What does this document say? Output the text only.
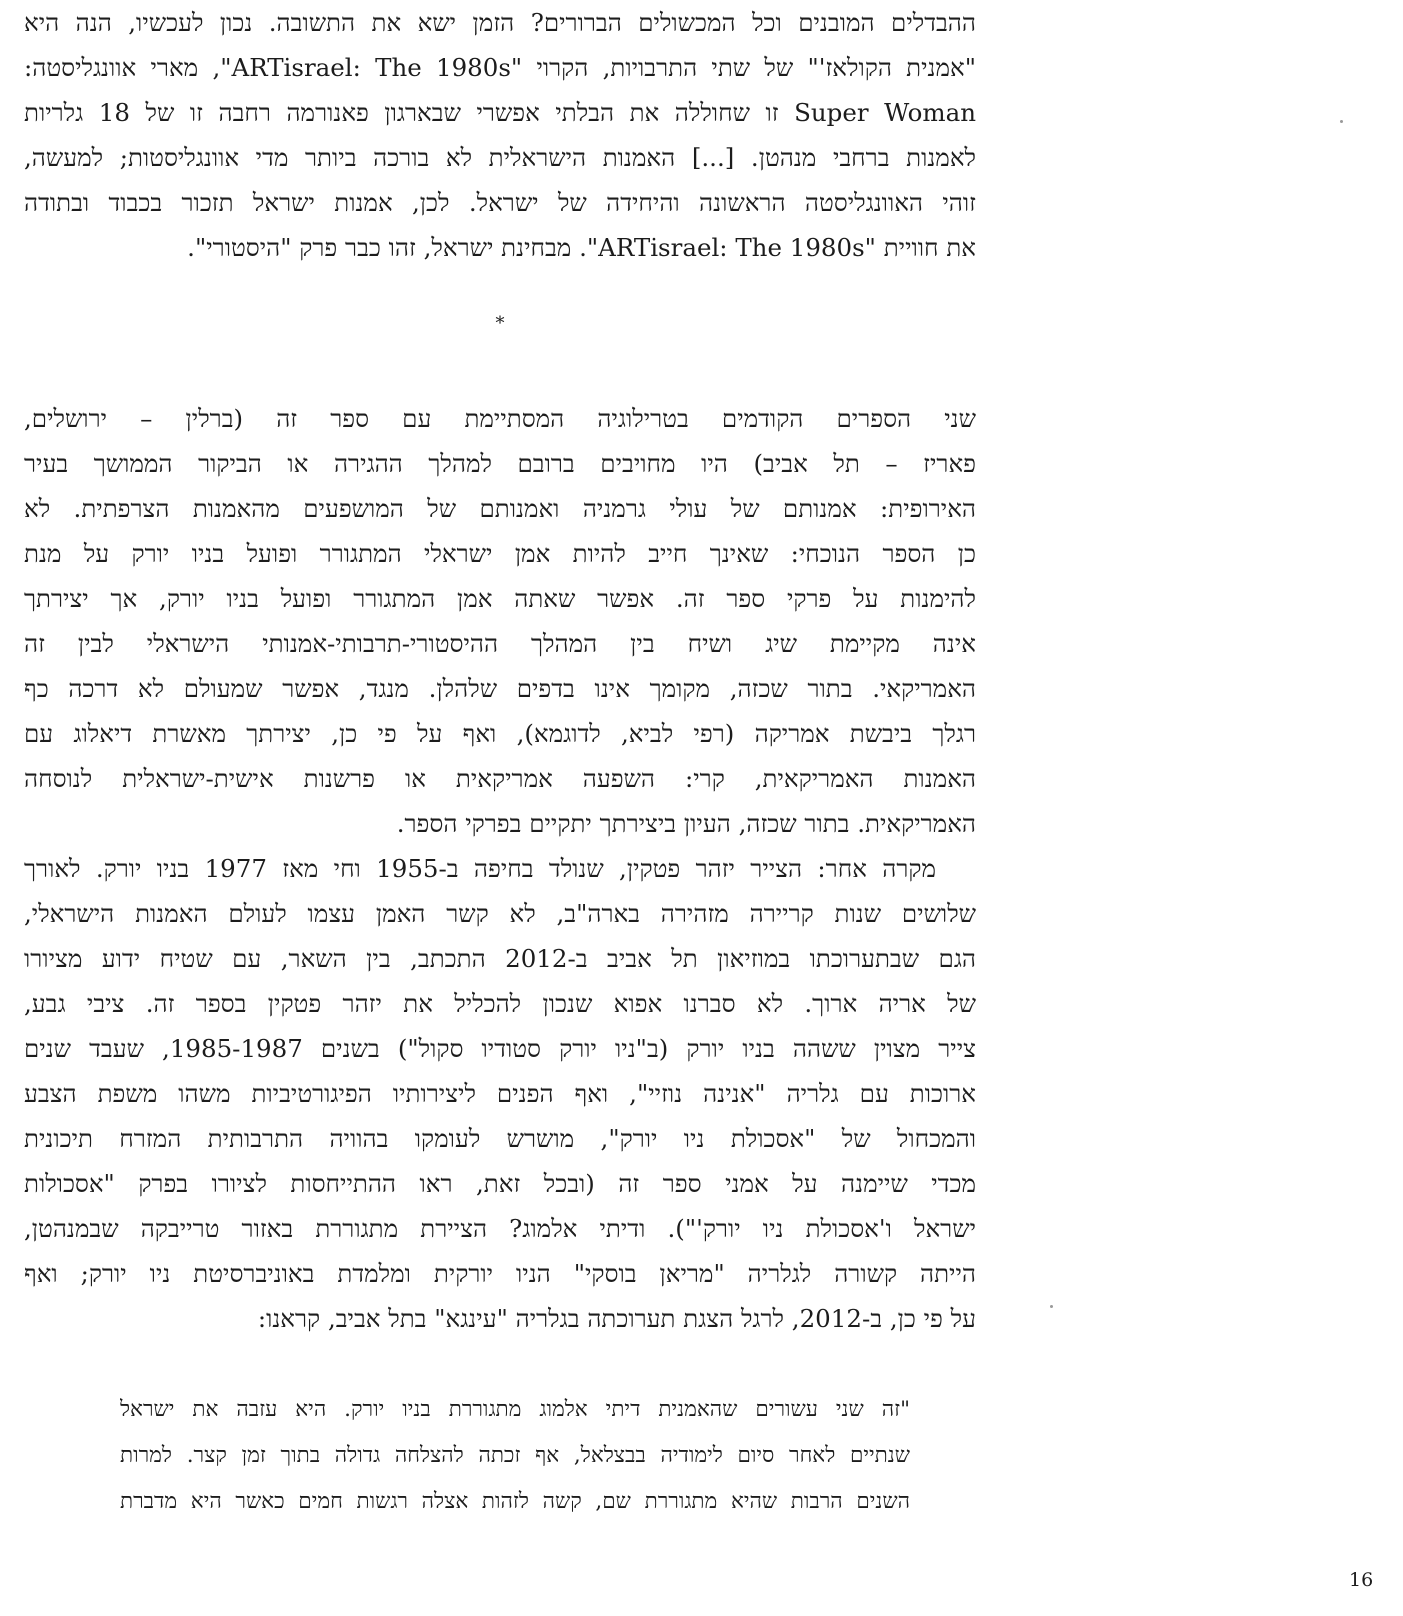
ההבדלים המובנים וכל המכשולים הברורים? הזמן ישא את התשובה. נכון לעכשיו, הנה היא
"אמנית הקולאז'" של שתי התרבויות, הקרוי "ARTisrael: The 1980s", מארי אוונגליסטה:
Super Woman זו שחוללה את הבלתי אפשרי שבארגון פאנורמה רחבה זו של 18 גלריות
לאמנות ברחבי מנהטן. [...] האמנות הישראלית לא בורכה ביותר מדי אוונגליסטות; למעשה,
זוהי האוונגליסטה הראשונה והיחידה של ישראל. לכן, אמנות ישראל תזכור בכבוד ובתודה
את חוויית "ARTisrael: The 1980s". מבחינת ישראל, זהו כבר פרק "היסטורי".
*
שני הספרים הקודמים בטרילוגיה המסתיימת עם ספר זה (ברלין – ירושלים,
פאריז – תל אביב) היו מחויבים ברובם למהלך ההגירה או הביקור הממושך בעיר
האירופית: אמנותם של עולי גרמניה ואמנותם של המושפעים מהאמנות הצרפתית. לא
כן הספר הנוכחי: שאינך חייב להיות אמן ישראלי המתגורר ופועל בניו יורק על מנת
להימנות על פרקי ספר זה. אפשר שאתה אמן המתגורר ופועל בניו יורק, אך יצירתך
אינה מקיימת שיג ושיח בין המהלך ההיסטורי-תרבותי-אמנותי הישראלי לבין זה
האמריקאי. בתור שכזה, מקומך אינו בדפים שלהלן. מנגד, אפשר שמעולם לא דרכה כף
רגלך ביבשת אמריקה (רפי לביא, לדוגמא), ואף על פי כן, יצירתך מאשרת דיאלוג עם
האמנות האמריקאית, קרי: השפעה אמריקאית או פרשנות אישית-ישראלית לנוסחה
האמריקאית. בתור שכזה, העיון ביצירתך יתקיים בפרקי הספר.
מקרה אחר: הצייר יזהר פטקין, שנולד בחיפה ב-1955 וחי מאז 1977 בניו יורק. לאורך
שלושים שנות קריירה מזהירה בארה"ב, לא קשר האמן עצמו לעולם האמנות הישראלי,
הגם שבתערוכתו במוזיאון תל אביב ב-2012 התכתב, בין השאר, עם שטיח ידוע מציורו
של אריה ארוך. לא סברנו אפוא שנכון להכליל את יזהר פטקין בספר זה. ציבי גבע,
צייר מצוין ששהה בניו יורק (ב"ניו יורק סטודיו סקול") בשנים 1985-1987, שעבד שנים
ארוכות עם גלריה "אנינה נוזיי", ואף הפנים ליצירותיו הפיגורטיביות משהו משפת הצבע
והמכחול של "אסכולת ניו יורק", מושרש לעומקו בהוויה התרבותית המזרח תיכונית
מכדי שיימנה על אמני ספר זה (ובכל זאת, ראו ההתייחסות לציורו בפרק "אסכולות
ישראל ו'אסכולת ניו יורק'"). ודיתי אלמוג? הציירת מתגוררת באזור טרייבקה שבמנהטן,
הייתה קשורה לגלריה "מריאן בוסקי" הניו יורקית ומלמדת באוניברסיטת ניו יורק; ואף
על פי כן, ב-2012, לרגל הצגת תערוכתה בגלריה "עינגא" בתל אביב, קראנו:
"זה שני עשורים שהאמנית דיתי אלמוג מתגוררת בניו יורק. היא עזבה את ישראל
שנתיים לאחר סיום לימודיה בבצלאל, אף זכתה להצלחה גדולה בתוך זמן קצר. למרות
השנים הרבות שהיא מתגוררת שם, קשה לזהות אצלה רגשות חמים כאשר היא מדברת
16
